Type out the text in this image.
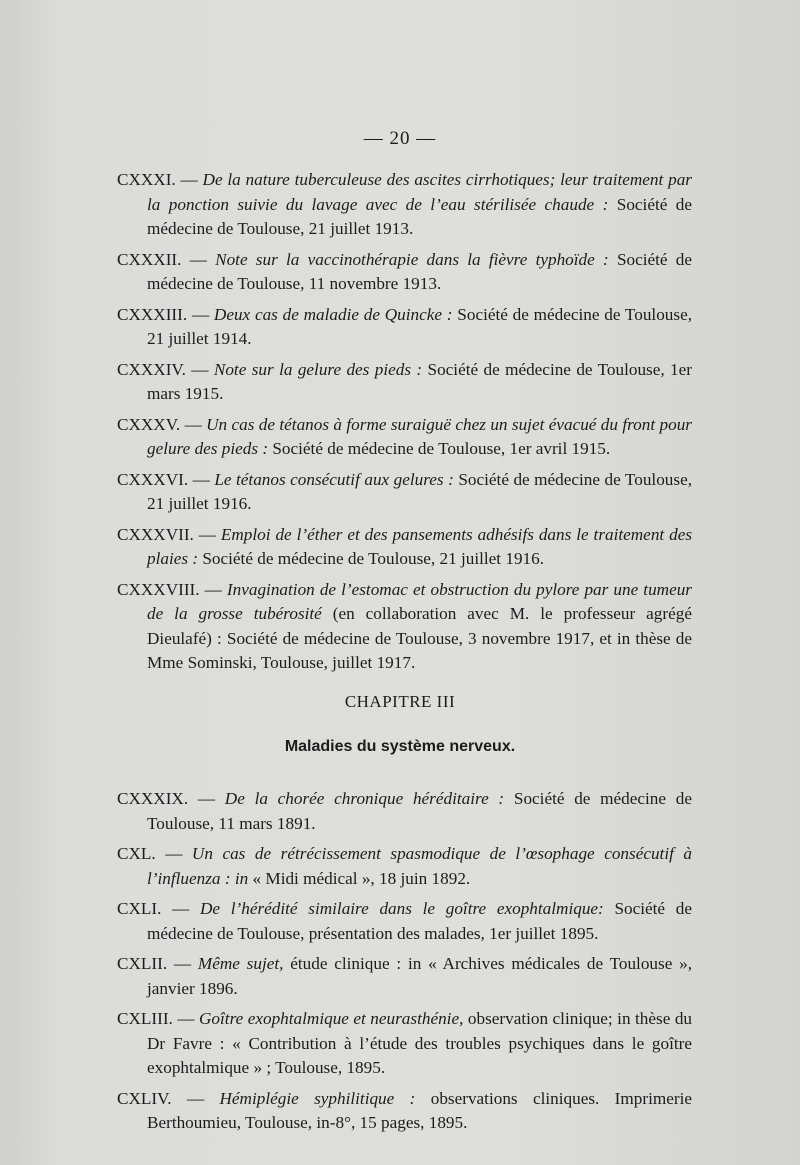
— 20 —

CXXXI. — De la nature tuberculeuse des ascites cirrhotiques; leur traitement par la ponction suivie du lavage avec de l’eau stérilisée chaude : Société de médecine de Toulouse, 21 juillet 1913.

CXXXII. — Note sur la vaccinothérapie dans la fièvre typhoïde : Société de médecine de Toulouse, 11 novembre 1913.

CXXXIII. — Deux cas de maladie de Quincke : Société de médecine de Toulouse, 21 juillet 1914.

CXXXIV. — Note sur la gelure des pieds : Société de médecine de Toulouse, 1er mars 1915.

CXXXV. — Un cas de tétanos à forme suraiguë chez un sujet évacué du front pour gelure des pieds : Société de médecine de Toulouse, 1er avril 1915.

CXXXVI. — Le tétanos consécutif aux gelures : Société de médecine de Toulouse, 21 juillet 1916.

CXXXVII. — Emploi de l’éther et des pansements adhésifs dans le traitement des plaies : Société de médecine de Toulouse, 21 juillet 1916.

CXXXVIII. — Invagination de l’estomac et obstruction du pylore par une tumeur de la grosse tubérosité (en collaboration avec M. le professeur agrégé Dieulafé) : Société de médecine de Toulouse, 3 novembre 1917, et in thèse de Mme Sominski, Toulouse, juillet 1917.

CHAPITRE III
Maladies du système nerveux.

CXXXIX. — De la chorée chronique héréditaire : Société de médecine de Toulouse, 11 mars 1891.

CXL. — Un cas de rétrécissement spasmodique de l’œsophage consécutif à l’influenza : in « Midi médical », 18 juin 1892.

CXLI. — De l’hérédité similaire dans le goître exophtalmique: Société de médecine de Toulouse, présentation des malades, 1er juillet 1895.

CXLII. — Même sujet, étude clinique : in « Archives médicales de Toulouse », janvier 1896.

CXLIII. — Goître exophtalmique et neurasthénie, observation clinique; in thèse du Dr Favre : « Contribution à l’étude des troubles psychiques dans le goître exophtalmique » ; Toulouse, 1895.

CXLIV. — Hémiplégie syphilitique : observations cliniques. Imprimerie Berthoumieu, Toulouse, in-8°, 15 pages, 1895.
